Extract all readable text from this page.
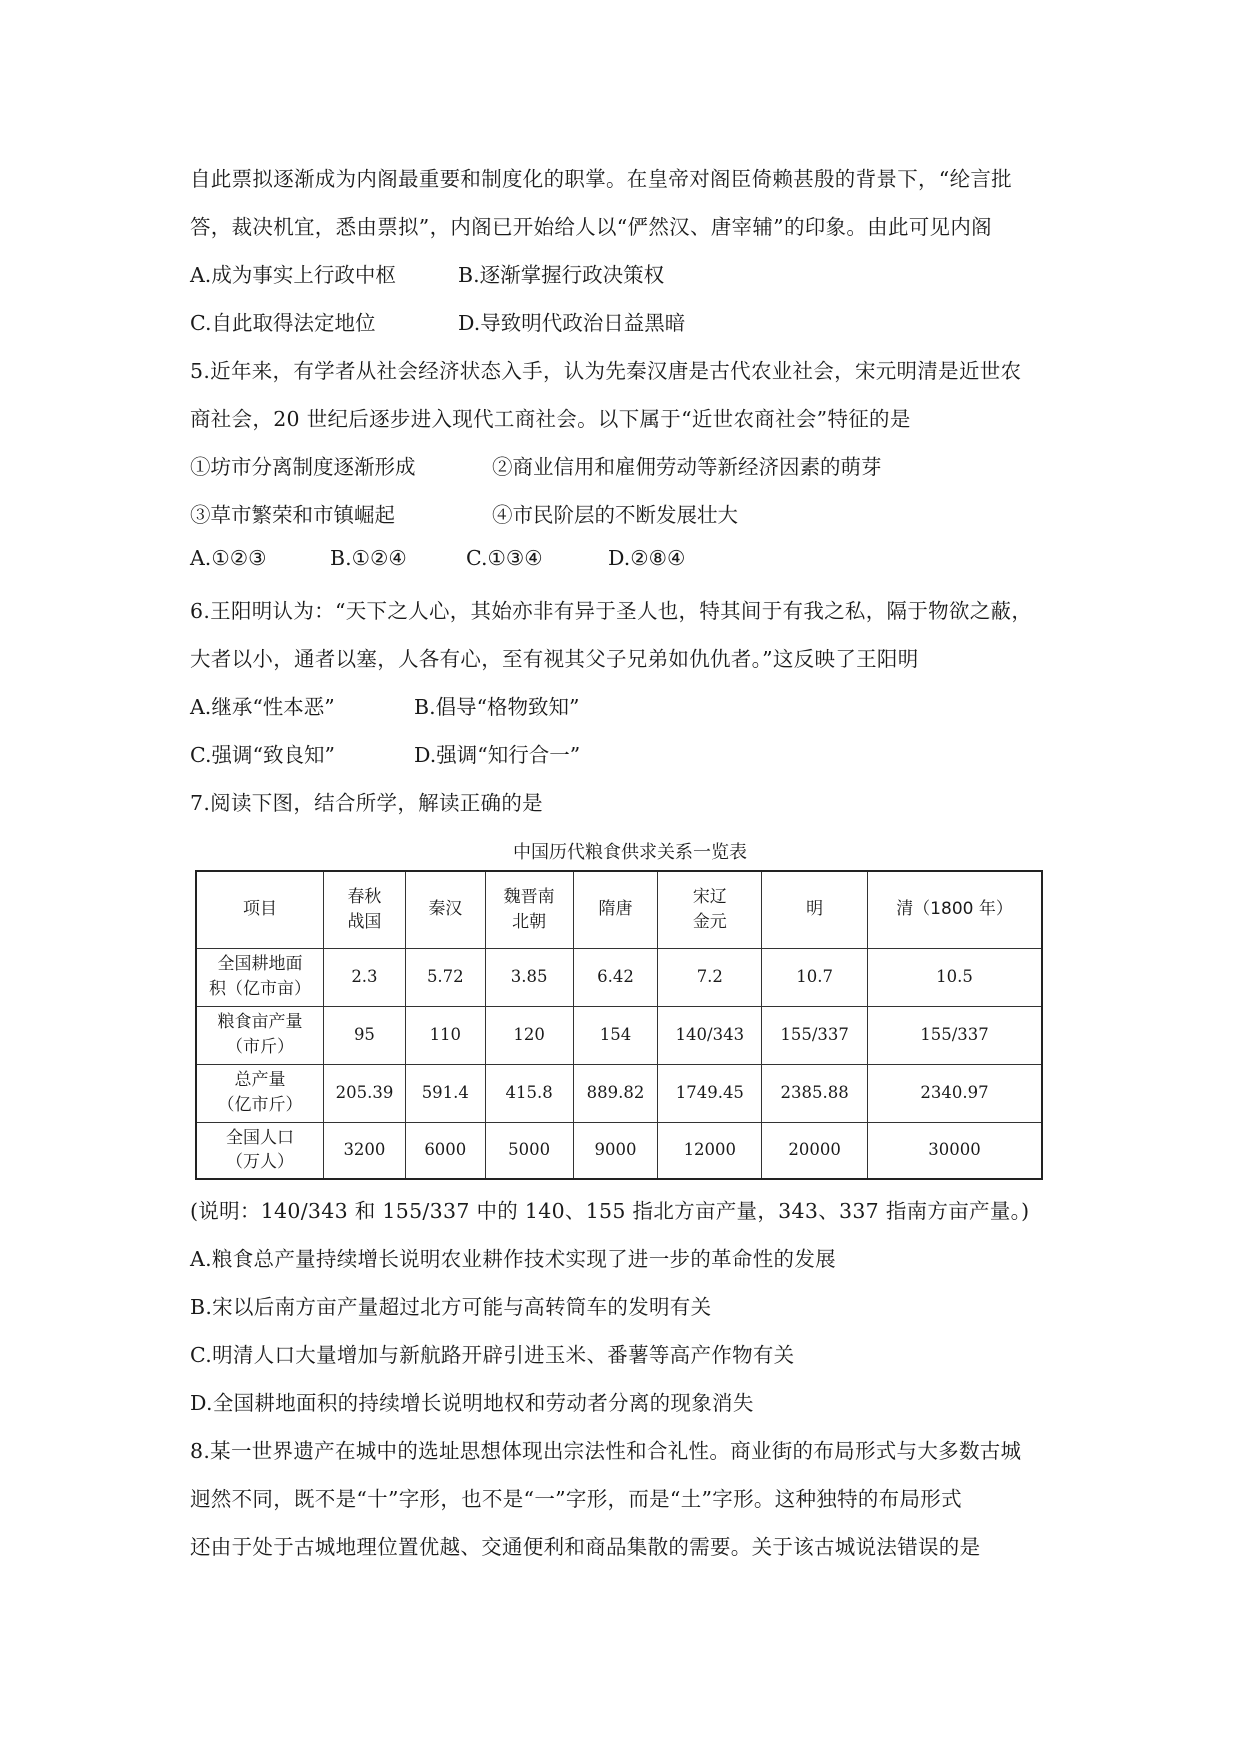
自此票拟逐渐成为内阁最重要和制度化的职掌。在皇帝对阁臣倚赖甚殷的背景下，“纶言批
答，裁决机宜，悉由票拟”，内阁已开始给人以“俨然汉、唐宰辅”的印象。由此可见内阁
A.成为事实上行政中枢	B.逐渐掌握行政决策权
C.自此取得法定地位	D.导致明代政治日益黑暗
5.近年来，有学者从社会经济状态入手，认为先秦汉唐是古代农业社会，宋元明清是近世农
商社会，20 世纪后逐步进入现代工商社会。以下属于“近世农商社会”特征的是
①坊市分离制度逐渐形成	②商业信用和雇佣劳动等新经济因素的萌芽
③草市繁荣和市镇崛起	④市民阶层的不断发展壮大
A.①②③	B.①②④	C.①③④	D.②⑧④
6.王阳明认为：“天下之人心，其始亦非有异于圣人也，特其间于有我之私，隔于物欲之蔽，
大者以小，通者以塞，人各有心，至有视其父子兄弟如仇仇者。”这反映了王阳明
A.继承“性本恶”	B.倡导“格物致知”
C.强调“致良知”	D.强调“知行合一”
7.阅读下图，结合所学，解读正确的是
中国历代粮食供求关系一览表
项目	春秋
战国	秦汉	魏晋南
北朝	隋唐	宋辽
金元	明	清（1800 年）
全国耕地面
积（亿市亩）	2.3	5.72	3.85	6.42	7.2	10.7	10.5
粮食亩产量
（市斤）	95	110	120	154	140/343	155/337	155/337
总产量
（亿市斤）	205.39	591.4	415.8	889.82	1749.45	2385.88	2340.97
全国人口
（万人）	3200	6000	5000	9000	12000	20000	30000
(说明：140/343 和 155/337 中的 140、155 指北方亩产量，343、337 指南方亩产量。)
A.粮食总产量持续增长说明农业耕作技术实现了进一步的革命性的发展
B.宋以后南方亩产量超过北方可能与高转筒车的发明有关
C.明清人口大量增加与新航路开辟引进玉米、番薯等高产作物有关
D.全国耕地面积的持续增长说明地权和劳动者分离的现象消失
8.某一世界遗产在城中的选址思想体现出宗法性和合礼性。商业街的布局形式与大多数古城
迥然不同，既不是“十”字形，也不是“一”字形，而是“土”字形。这种独特的布局形式
还由于处于古城地理位置优越、交通便利和商品集散的需要。关于该古城说法错误的是
